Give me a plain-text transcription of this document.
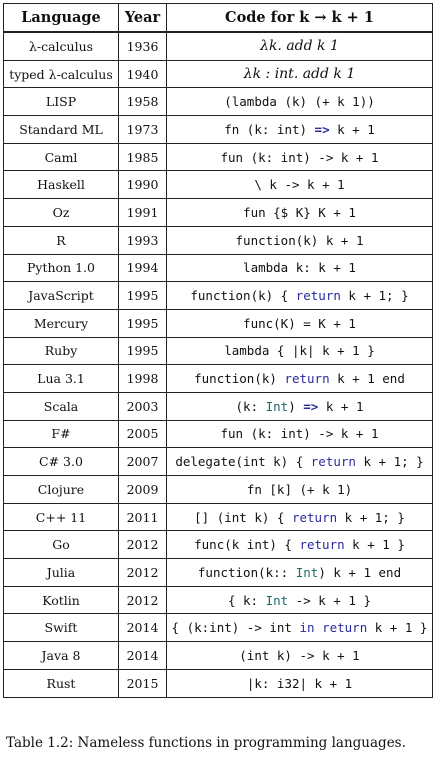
Language	Year	Code for k → k + 1
λ-calculus	1936	λk. add k 1
typed λ-calculus	1940	λk : int. add k 1
LISP	1958	(lambda (k) (+ k 1))
Standard ML	1973	fn (k: int) => k + 1
Caml	1985	fun (k: int) -> k + 1
Haskell	1990	\ k -> k + 1
Oz	1991	fun {$ K} K + 1
R	1993	function(k) k + 1
Python 1.0	1994	lambda k: k + 1
JavaScript	1995	function(k) { return k + 1; }
Mercury	1995	func(K) = K + 1
Ruby	1995	lambda { |k| k + 1 }
Lua 3.1	1998	function(k) return k + 1 end
Scala	2003	(k: Int) => k + 1
F#	2005	fun (k: int) -> k + 1
C# 3.0	2007	delegate(int k) { return k + 1; }
Clojure	2009	fn [k] (+ k 1)
C++ 11	2011	[] (int k) { return k + 1; }
Go	2012	func(k int) { return k + 1 }
Julia	2012	function(k:: Int) k + 1 end
Kotlin	2012	{ k: Int -> k + 1 }
Swift	2014	{ (k:int) -> int in return k + 1 }
Java 8	2014	(int k) -> k + 1
Rust	2015	|k: i32| k + 1
Table 1.2: Nameless functions in programming languages.
